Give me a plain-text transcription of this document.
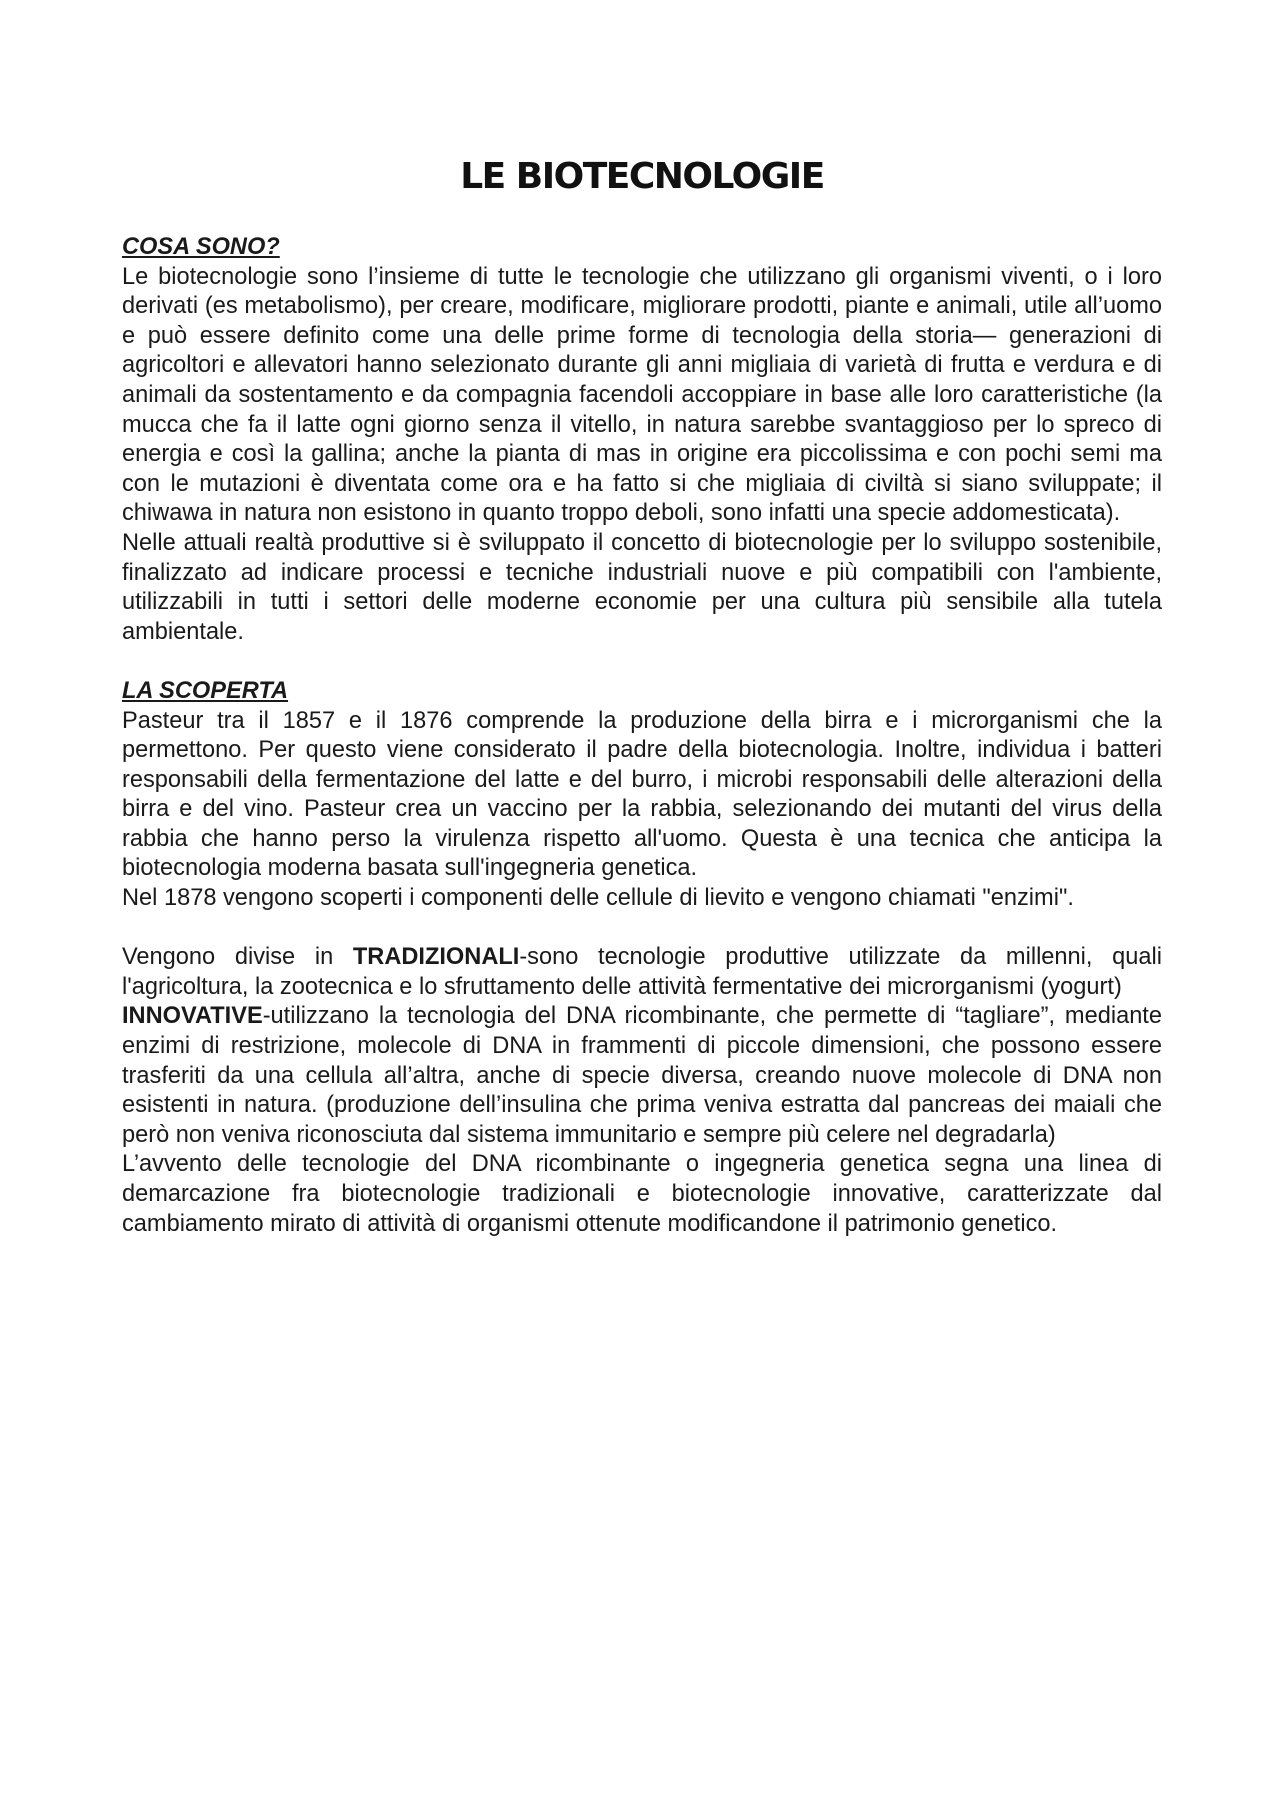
LE BIOTECNOLOGIE
COSA SONO?

Le biotecnologie sono l’insieme di tutte le tecnologie che utilizzano gli organismi viventi, o i loro derivati (es metabolismo), per creare, modificare, migliorare prodotti, piante e animali, utile all’uomo e può essere definito come una delle prime forme di tecnologia della storia— generazioni di agricoltori e allevatori hanno selezionato durante gli anni migliaia di varietà di frutta e verdura e di animali da sostentamento e da compagnia facendoli accoppiare in base alle loro caratteristiche (la mucca che fa il latte ogni giorno senza il vitello, in natura sarebbe svantaggioso per lo spreco di energia e così la gallina; anche la pianta di mas in origine era piccolissima e con pochi semi ma con le mutazioni è diventata come ora e ha fatto si che migliaia di civiltà si siano sviluppate; il chiwawa in natura non esistono in quanto troppo deboli, sono infatti una specie addomesticata).

Nelle attuali realtà produttive si è sviluppato il concetto di biotecnologie per lo sviluppo sostenibile, finalizzato ad indicare processi e tecniche industriali nuove e più compatibili con l'ambiente, utilizzabili in tutti i settori delle moderne economie per una cultura più sensibile alla tutela ambientale.

LA SCOPERTA

Pasteur tra il 1857 e il 1876 comprende la produzione della birra e i microrganismi che la permettono. Per questo viene considerato il padre della biotecnologia. Inoltre, individua i batteri responsabili della fermentazione del latte e del burro, i microbi responsabili delle alterazioni della birra e del vino. Pasteur crea un vaccino per la rabbia, selezionando dei mutanti del virus della rabbia che hanno perso la virulenza rispetto all'uomo. Questa è una tecnica che anticipa la biotecnologia moderna basata sull'ingegneria genetica.

Nel 1878 vengono scoperti i componenti delle cellule di lievito e vengono chiamati "enzimi".

Vengono divise in TRADIZIONALI-sono tecnologie produttive utilizzate da millenni, quali l'agricoltura, la zootecnica e lo sfruttamento delle attività fermentative dei microrganismi (yogurt)

INNOVATIVE-utilizzano la tecnologia del DNA ricombinante, che permette di “tagliare”, mediante enzimi di restrizione, molecole di DNA in frammenti di piccole dimensioni, che possono essere trasferiti da una cellula all’altra, anche di specie diversa, creando nuove molecole di DNA non esistenti in natura. (produzione dell’insulina che prima veniva estratta dal pancreas dei maiali che però non veniva riconosciuta dal sistema immunitario e sempre più celere nel degradarla)

L’avvento delle tecnologie del DNA ricombinante o ingegneria genetica segna una linea di demarcazione fra biotecnologie tradizionali e biotecnologie innovative, caratterizzate dal cambiamento mirato di attività di organismi ottenute modificandone il patrimonio genetico.
